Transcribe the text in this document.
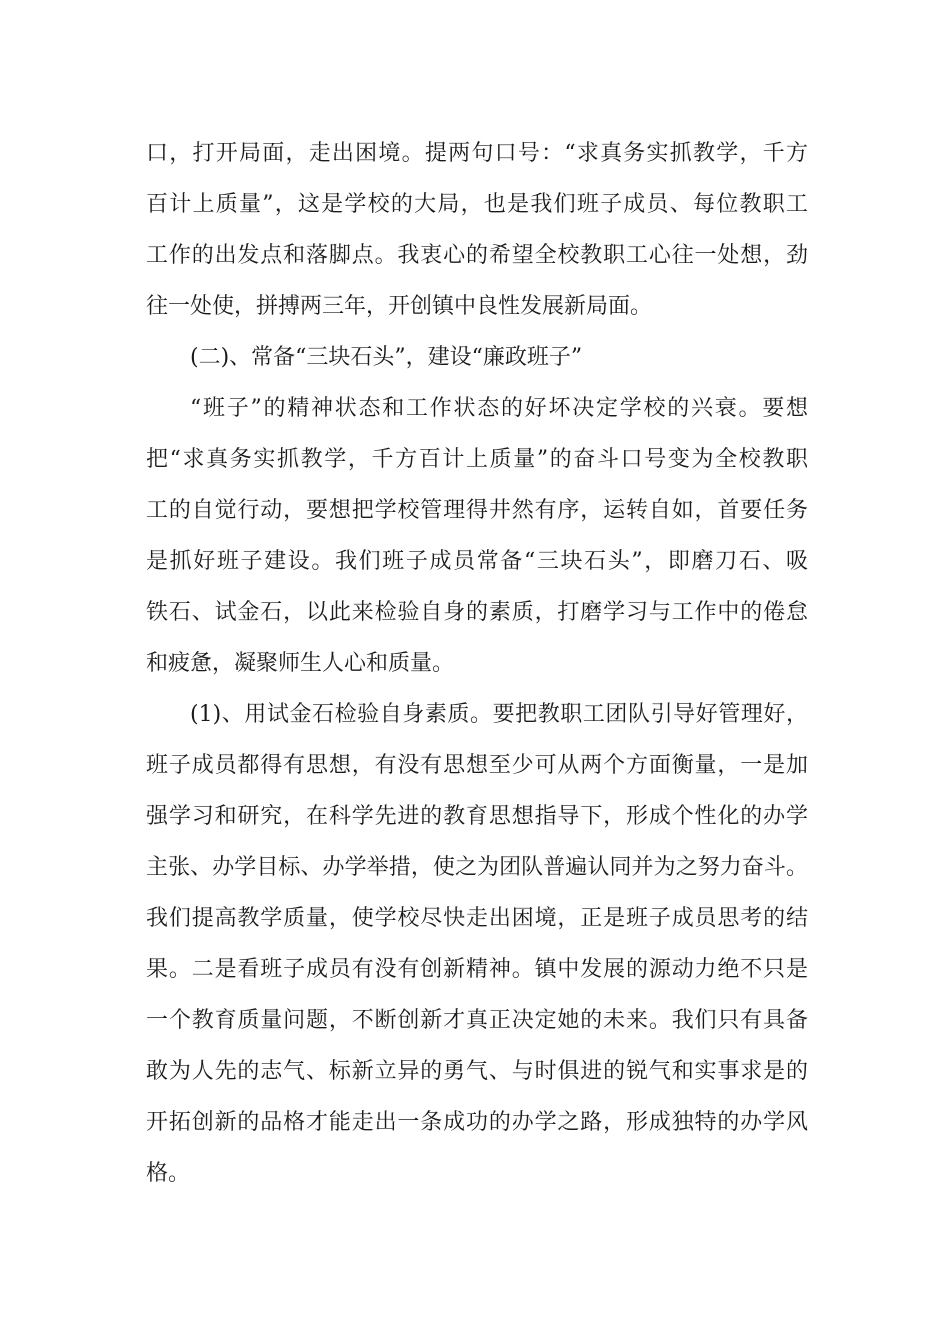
口，打开局面，走出困境。提两句口号：“求真务实抓教学，千方
百计上质量”，这是学校的大局，也是我们班子成员、每位教职工
工作的出发点和落脚点。我衷心的希望全校教职工心往一处想，劲
往一处使，拼搏两三年，开创镇中良性发展新局面。
(二)、常备“三块石头”，建设“廉政班子”
“班子”的精神状态和工作状态的好坏决定学校的兴衰。要想
把“求真务实抓教学，千方百计上质量”的奋斗口号变为全校教职
工的自觉行动，要想把学校管理得井然有序，运转自如，首要任务
是抓好班子建设。我们班子成员常备“三块石头”，即磨刀石、吸
铁石、试金石，以此来检验自身的素质，打磨学习与工作中的倦怠
和疲惫，凝聚师生人心和质量。
(1)、用试金石检验自身素质。要把教职工团队引导好管理好，
班子成员都得有思想，有没有思想至少可从两个方面衡量，一是加
强学习和研究，在科学先进的教育思想指导下，形成个性化的办学
主张、办学目标、办学举措，使之为团队普遍认同并为之努力奋斗。
我们提高教学质量，使学校尽快走出困境，正是班子成员思考的结
果。二是看班子成员有没有创新精神。镇中发展的源动力绝不只是
一个教育质量问题，不断创新才真正决定她的未来。我们只有具备
敢为人先的志气、标新立异的勇气、与时俱进的锐气和实事求是的
开拓创新的品格才能走出一条成功的办学之路，形成独特的办学风
格。
